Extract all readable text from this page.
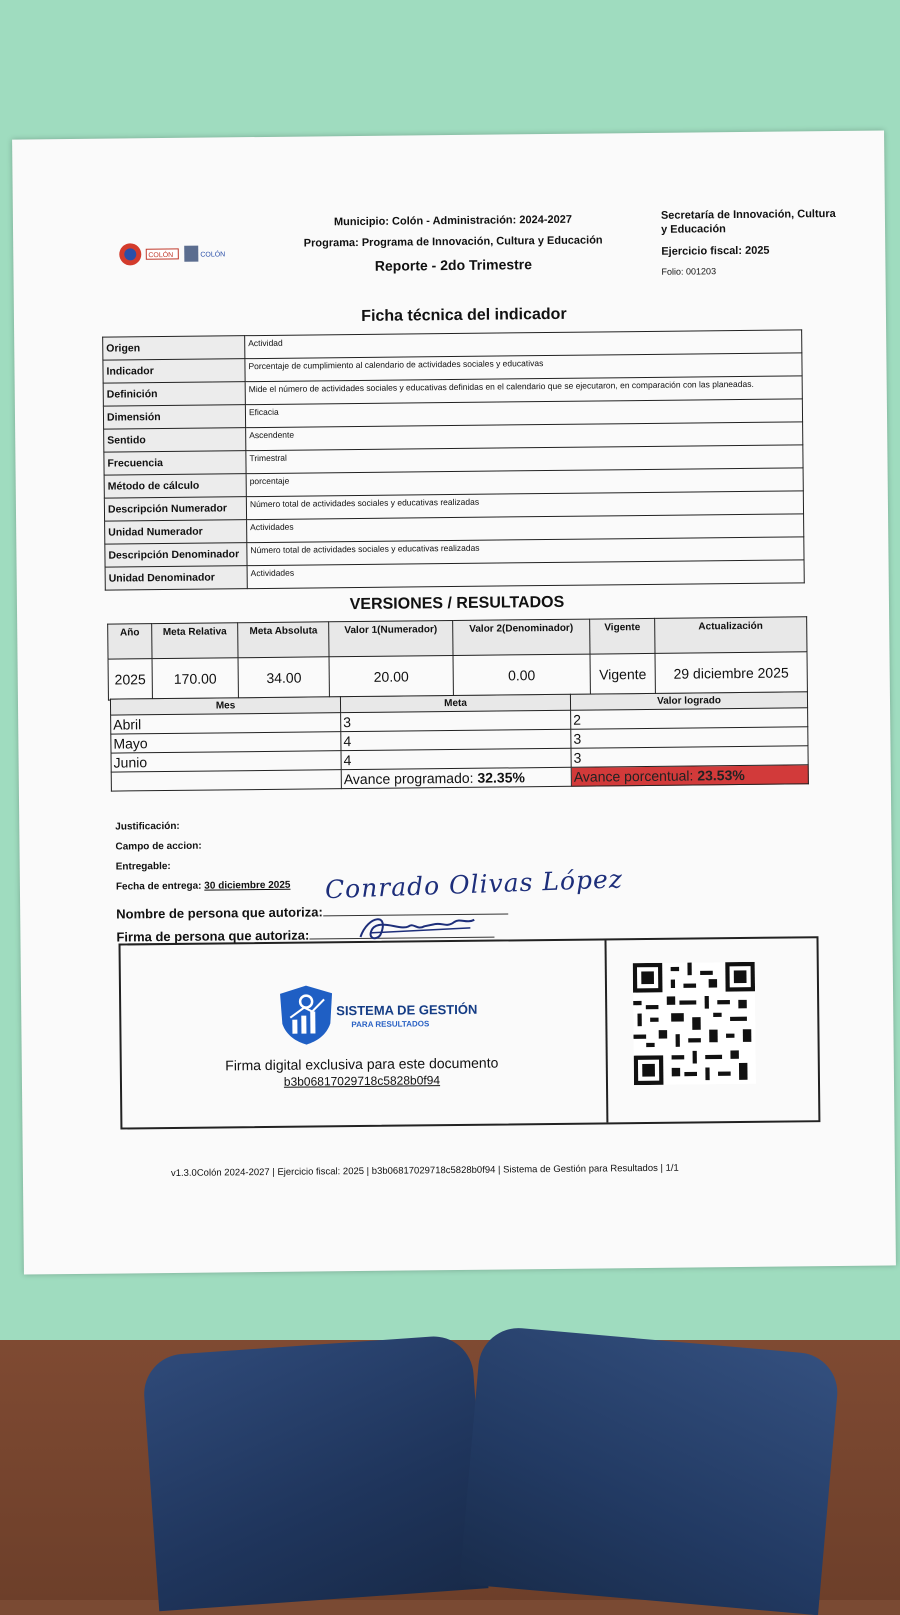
COLÓN	COLÓN
Municipio: Colón - Administración: 2024-2027
Programa: Programa de Innovación, Cultura y Educación
Reporte - 2do Trimestre
Secretaría de Innovación, Cultura y Educación
Ejercicio fiscal: 2025
Folio: 001203
Ficha técnica del indicador
Origen	Actividad
Indicador	Porcentaje de cumplimiento al calendario de actividades sociales y educativas
Definición	Mide el número de actividades sociales y educativas definidas en el calendario que se ejecutaron, en comparación con las planeadas.
Dimensión	Eficacia
Sentido	Ascendente
Frecuencia	Trimestral
Método de cálculo	porcentaje
Descripción Numerador	Número total de actividades sociales y educativas realizadas
Unidad Numerador	Actividades
Descripción Denominador	Número total de actividades sociales y educativas realizadas
Unidad Denominador	Actividades
VERSIONES / RESULTADOS
Año	Meta Relativa	Meta Absoluta	Valor 1(Numerador)	Valor 2(Denominador)	Vigente	Actualización
2025	170.00	34.00	20.00	0.00	Vigente	29 diciembre 2025
Mes	Meta	Valor logrado
Abril	3	2
Mayo	4	3
Junio	4	3
	Avance programado: 32.35%	Avance porcentual: 23.53%
Justificación:
Campo de accion:
Entregable:
Fecha de entrega: 30 diciembre 2025
Nombre de persona que autoriza:
Firma de persona que autoriza:
Conrado Olivas López
SISTEMA DE GESTIÓN
PARA RESULTADOS
Firma digital exclusiva para este documento
b3b06817029718c5828b0f94
v1.3.0Colón 2024-2027 | Ejercicio fiscal: 2025 | b3b06817029718c5828b0f94 | Sistema de Gestión para Resultados | 1/1
